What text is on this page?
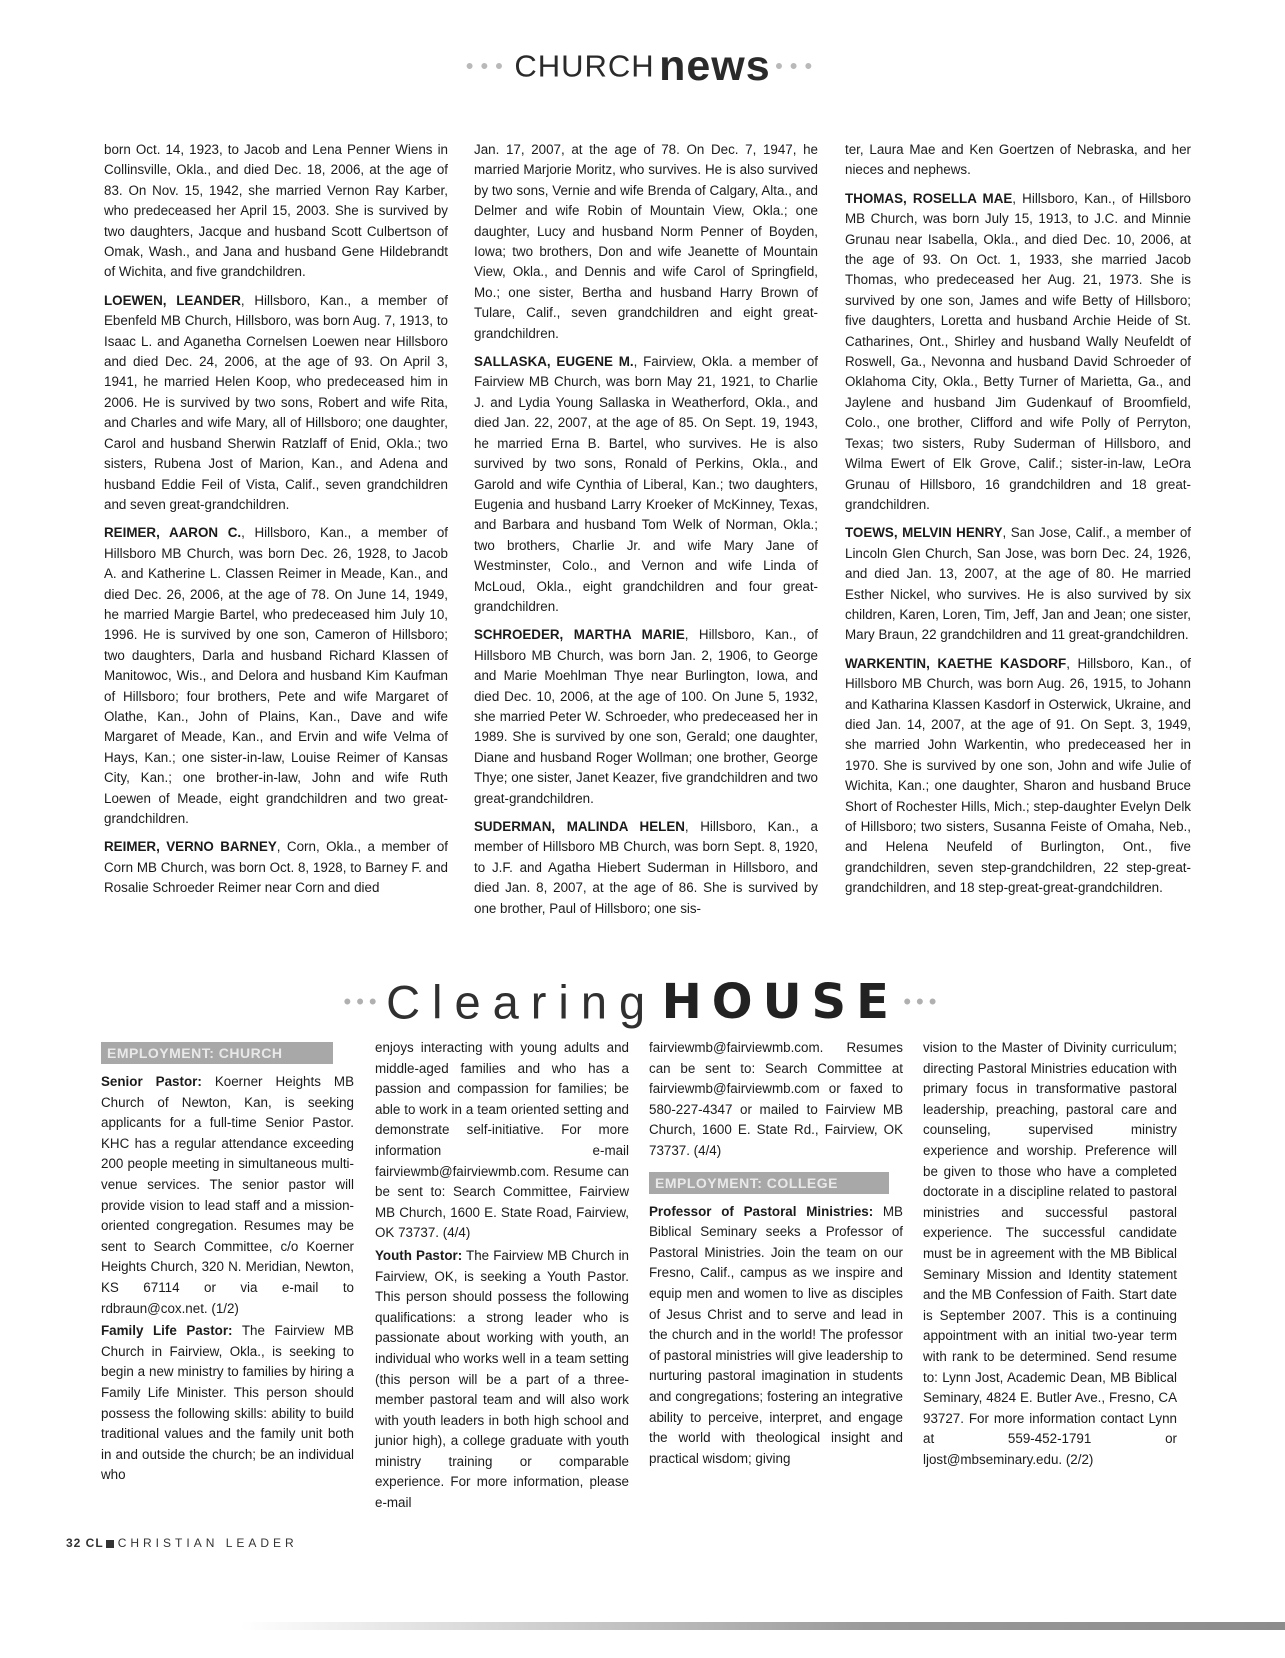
••• CHURCH news •••

born Oct. 14, 1923, to Jacob and Lena Penner Wiens in Collinsville, Okla., and died Dec. 18, 2006, at the age of 83. On Nov. 15, 1942, she married Vernon Ray Karber, who predeceased her April 15, 2003. She is survived by two daughters, Jacque and husband Scott Culbertson of Omak, Wash., and Jana and husband Gene Hildebrandt of Wichita, and five grandchildren.

LOEWEN, LEANDER, Hillsboro, Kan., a member of Ebenfeld MB Church, Hillsboro, was born Aug. 7, 1913, to Isaac L. and Aganetha Cornelsen Loewen near Hillsboro and died Dec. 24, 2006, at the age of 93. On April 3, 1941, he married Helen Koop, who predeceased him in 2006. He is survived by two sons, Robert and wife Rita, and Charles and wife Mary, all of Hillsboro; one daughter, Carol and husband Sherwin Ratzlaff of Enid, Okla.; two sisters, Rubena Jost of Marion, Kan., and Adena and husband Eddie Feil of Vista, Calif., seven grandchildren and seven great-grandchildren.

REIMER, AARON C., Hillsboro, Kan., a member of Hillsboro MB Church, was born Dec. 26, 1928, to Jacob A. and Katherine L. Classen Reimer in Meade, Kan., and died Dec. 26, 2006, at the age of 78. On June 14, 1949, he married Margie Bartel, who predeceased him July 10, 1996. He is survived by one son, Cameron of Hillsboro; two daughters, Darla and husband Richard Klassen of Manitowoc, Wis., and Delora and husband Kim Kaufman of Hillsboro; four brothers, Pete and wife Margaret of Olathe, Kan., John of Plains, Kan., Dave and wife Margaret of Meade, Kan., and Ervin and wife Velma of Hays, Kan.; one sister-in-law, Louise Reimer of Kansas City, Kan.; one brother-in-law, John and wife Ruth Loewen of Meade, eight grandchildren and two great-grandchildren.

REIMER, VERNO BARNEY, Corn, Okla., a member of Corn MB Church, was born Oct. 8, 1928, to Barney F. and Rosalie Schroeder Reimer near Corn and died

Jan. 17, 2007, at the age of 78. On Dec. 7, 1947, he married Marjorie Moritz, who survives. He is also survived by two sons, Vernie and wife Brenda of Calgary, Alta., and Delmer and wife Robin of Mountain View, Okla.; one daughter, Lucy and husband Norm Penner of Boyden, Iowa; two brothers, Don and wife Jeanette of Mountain View, Okla., and Dennis and wife Carol of Springfield, Mo.; one sister, Bertha and husband Harry Brown of Tulare, Calif., seven grandchildren and eight great-grandchildren.

SALLASKA, EUGENE M., Fairview, Okla. a member of Fairview MB Church, was born May 21, 1921, to Charlie J. and Lydia Young Sallaska in Weatherford, Okla., and died Jan. 22, 2007, at the age of 85. On Sept. 19, 1943, he married Erna B. Bartel, who survives. He is also survived by two sons, Ronald of Perkins, Okla., and Garold and wife Cynthia of Liberal, Kan.; two daughters, Eugenia and husband Larry Kroeker of McKinney, Texas, and Barbara and husband Tom Welk of Norman, Okla.; two brothers, Charlie Jr. and wife Mary Jane of Westminster, Colo., and Vernon and wife Linda of McLoud, Okla., eight grandchildren and four great-grandchildren.

SCHROEDER, MARTHA MARIE, Hillsboro, Kan., of Hillsboro MB Church, was born Jan. 2, 1906, to George and Marie Moehlman Thye near Burlington, Iowa, and died Dec. 10, 2006, at the age of 100. On June 5, 1932, she married Peter W. Schroeder, who predeceased her in 1989. She is survived by one son, Gerald; one daughter, Diane and husband Roger Wollman; one brother, George Thye; one sister, Janet Keazer, five grandchildren and two great-grandchildren.

SUDERMAN, MALINDA HELEN, Hillsboro, Kan., a member of Hillsboro MB Church, was born Sept. 8, 1920, to J.F. and Agatha Hiebert Suderman in Hillsboro, and died Jan. 8, 2007, at the age of 86. She is survived by one brother, Paul of Hillsboro; one sis-

ter, Laura Mae and Ken Goertzen of Nebraska, and her nieces and nephews.

THOMAS, ROSELLA MAE, Hillsboro, Kan., of Hillsboro MB Church, was born July 15, 1913, to J.C. and Minnie Grunau near Isabella, Okla., and died Dec. 10, 2006, at the age of 93. On Oct. 1, 1933, she married Jacob Thomas, who predeceased her Aug. 21, 1973. She is survived by one son, James and wife Betty of Hillsboro; five daughters, Loretta and husband Archie Heide of St. Catharines, Ont., Shirley and husband Wally Neufeldt of Roswell, Ga., Nevonna and husband David Schroeder of Oklahoma City, Okla., Betty Turner of Marietta, Ga., and Jaylene and husband Jim Gudenkauf of Broomfield, Colo., one brother, Clifford and wife Polly of Perryton, Texas; two sisters, Ruby Suderman of Hillsboro, and Wilma Ewert of Elk Grove, Calif.; sister-in-law, LeOra Grunau of Hillsboro, 16 grandchildren and 18 great-grandchildren.

TOEWS, MELVIN HENRY, San Jose, Calif., a member of Lincoln Glen Church, San Jose, was born Dec. 24, 1926, and died Jan. 13, 2007, at the age of 80. He married Esther Nickel, who survives. He is also survived by six children, Karen, Loren, Tim, Jeff, Jan and Jean; one sister, Mary Braun, 22 grandchildren and 11 great-grandchildren.

WARKENTIN, KAETHE KASDORF, Hillsboro, Kan., of Hillsboro MB Church, was born Aug. 26, 1915, to Johann and Katharina Klassen Kasdorf in Osterwick, Ukraine, and died Jan. 14, 2007, at the age of 91. On Sept. 3, 1949, she married John Warkentin, who predeceased her in 1970. She is survived by one son, John and wife Julie of Wichita, Kan.; one daughter, Sharon and husband Bruce Short of Rochester Hills, Mich.; step-daughter Evelyn Delk of Hillsboro; two sisters, Susanna Feiste of Omaha, Neb., and Helena Neufeld of Burlington, Ont., five grandchildren, seven step-grandchildren, 22 step-great-grandchildren, and 18 step-great-great-grandchildren.

••• Clearing HOUSE •••
EMPLOYMENT: CHURCH

Senior Pastor: Koerner Heights MB Church of Newton, Kan, is seeking applicants for a full-time Senior Pastor. KHC has a regular attendance exceeding 200 people meeting in simultaneous multi-venue services. The senior pastor will provide vision to lead staff and a mission-oriented congregation. Resumes may be sent to Search Committee, c/o Koerner Heights Church, 320 N. Meridian, Newton, KS 67114 or via e-mail to rdbraun@cox.net. (1/2)

Family Life Pastor: The Fairview MB Church in Fairview, Okla., is seeking to begin a new ministry to families by hiring a Family Life Minister. This person should possess the following skills: ability to build traditional values and the family unit both in and outside the church; be an individual who

enjoys interacting with young adults and middle-aged families and who has a passion and compassion for families; be able to work in a team oriented setting and demonstrate self-initiative. For more information e-mail fairviewmb@fairviewmb.com. Resume can be sent to: Search Committee, Fairview MB Church, 1600 E. State Road, Fairview, OK 73737. (4/4)

Youth Pastor: The Fairview MB Church in Fairview, OK, is seeking a Youth Pastor. This person should possess the following qualifications: a strong leader who is passionate about working with youth, an individual who works well in a team setting (this person will be a part of a three-member pastoral team and will also work with youth leaders in both high school and junior high), a college graduate with youth ministry training or comparable experience. For more information, please e-mail

fairviewmb@fairviewmb.com. Resumes can be sent to: Search Committee at fairviewmb@fairviewmb.com or faxed to 580-227-4347 or mailed to Fairview MB Church, 1600 E. State Rd., Fairview, OK 73737. (4/4)

EMPLOYMENT: COLLEGE

Professor of Pastoral Ministries: MB Biblical Seminary seeks a Professor of Pastoral Ministries. Join the team on our Fresno, Calif., campus as we inspire and equip men and women to live as disciples of Jesus Christ and to serve and lead in the church and in the world! The professor of pastoral ministries will give leadership to nurturing pastoral imagination in students and congregations; fostering an integrative ability to perceive, interpret, and engage the world with theological insight and practical wisdom; giving

vision to the Master of Divinity curriculum; directing Pastoral Ministries education with primary focus in transformative pastoral leadership, preaching, pastoral care and counseling, supervised ministry experience and worship. Preference will be given to those who have a completed doctorate in a discipline related to pastoral ministries and successful pastoral experience. The successful candidate must be in agreement with the MB Biblical Seminary Mission and Identity statement and the MB Confession of Faith. Start date is September 2007. This is a continuing appointment with an initial two-year term with rank to be determined. Send resume to: Lynn Jost, Academic Dean, MB Biblical Seminary, 4824 E. Butler Ave., Fresno, CA 93727. For more information contact Lynn at 559-452-1791 or ljost@mbseminary.edu. (2/2)

32 CL CHRISTIAN LEADER
